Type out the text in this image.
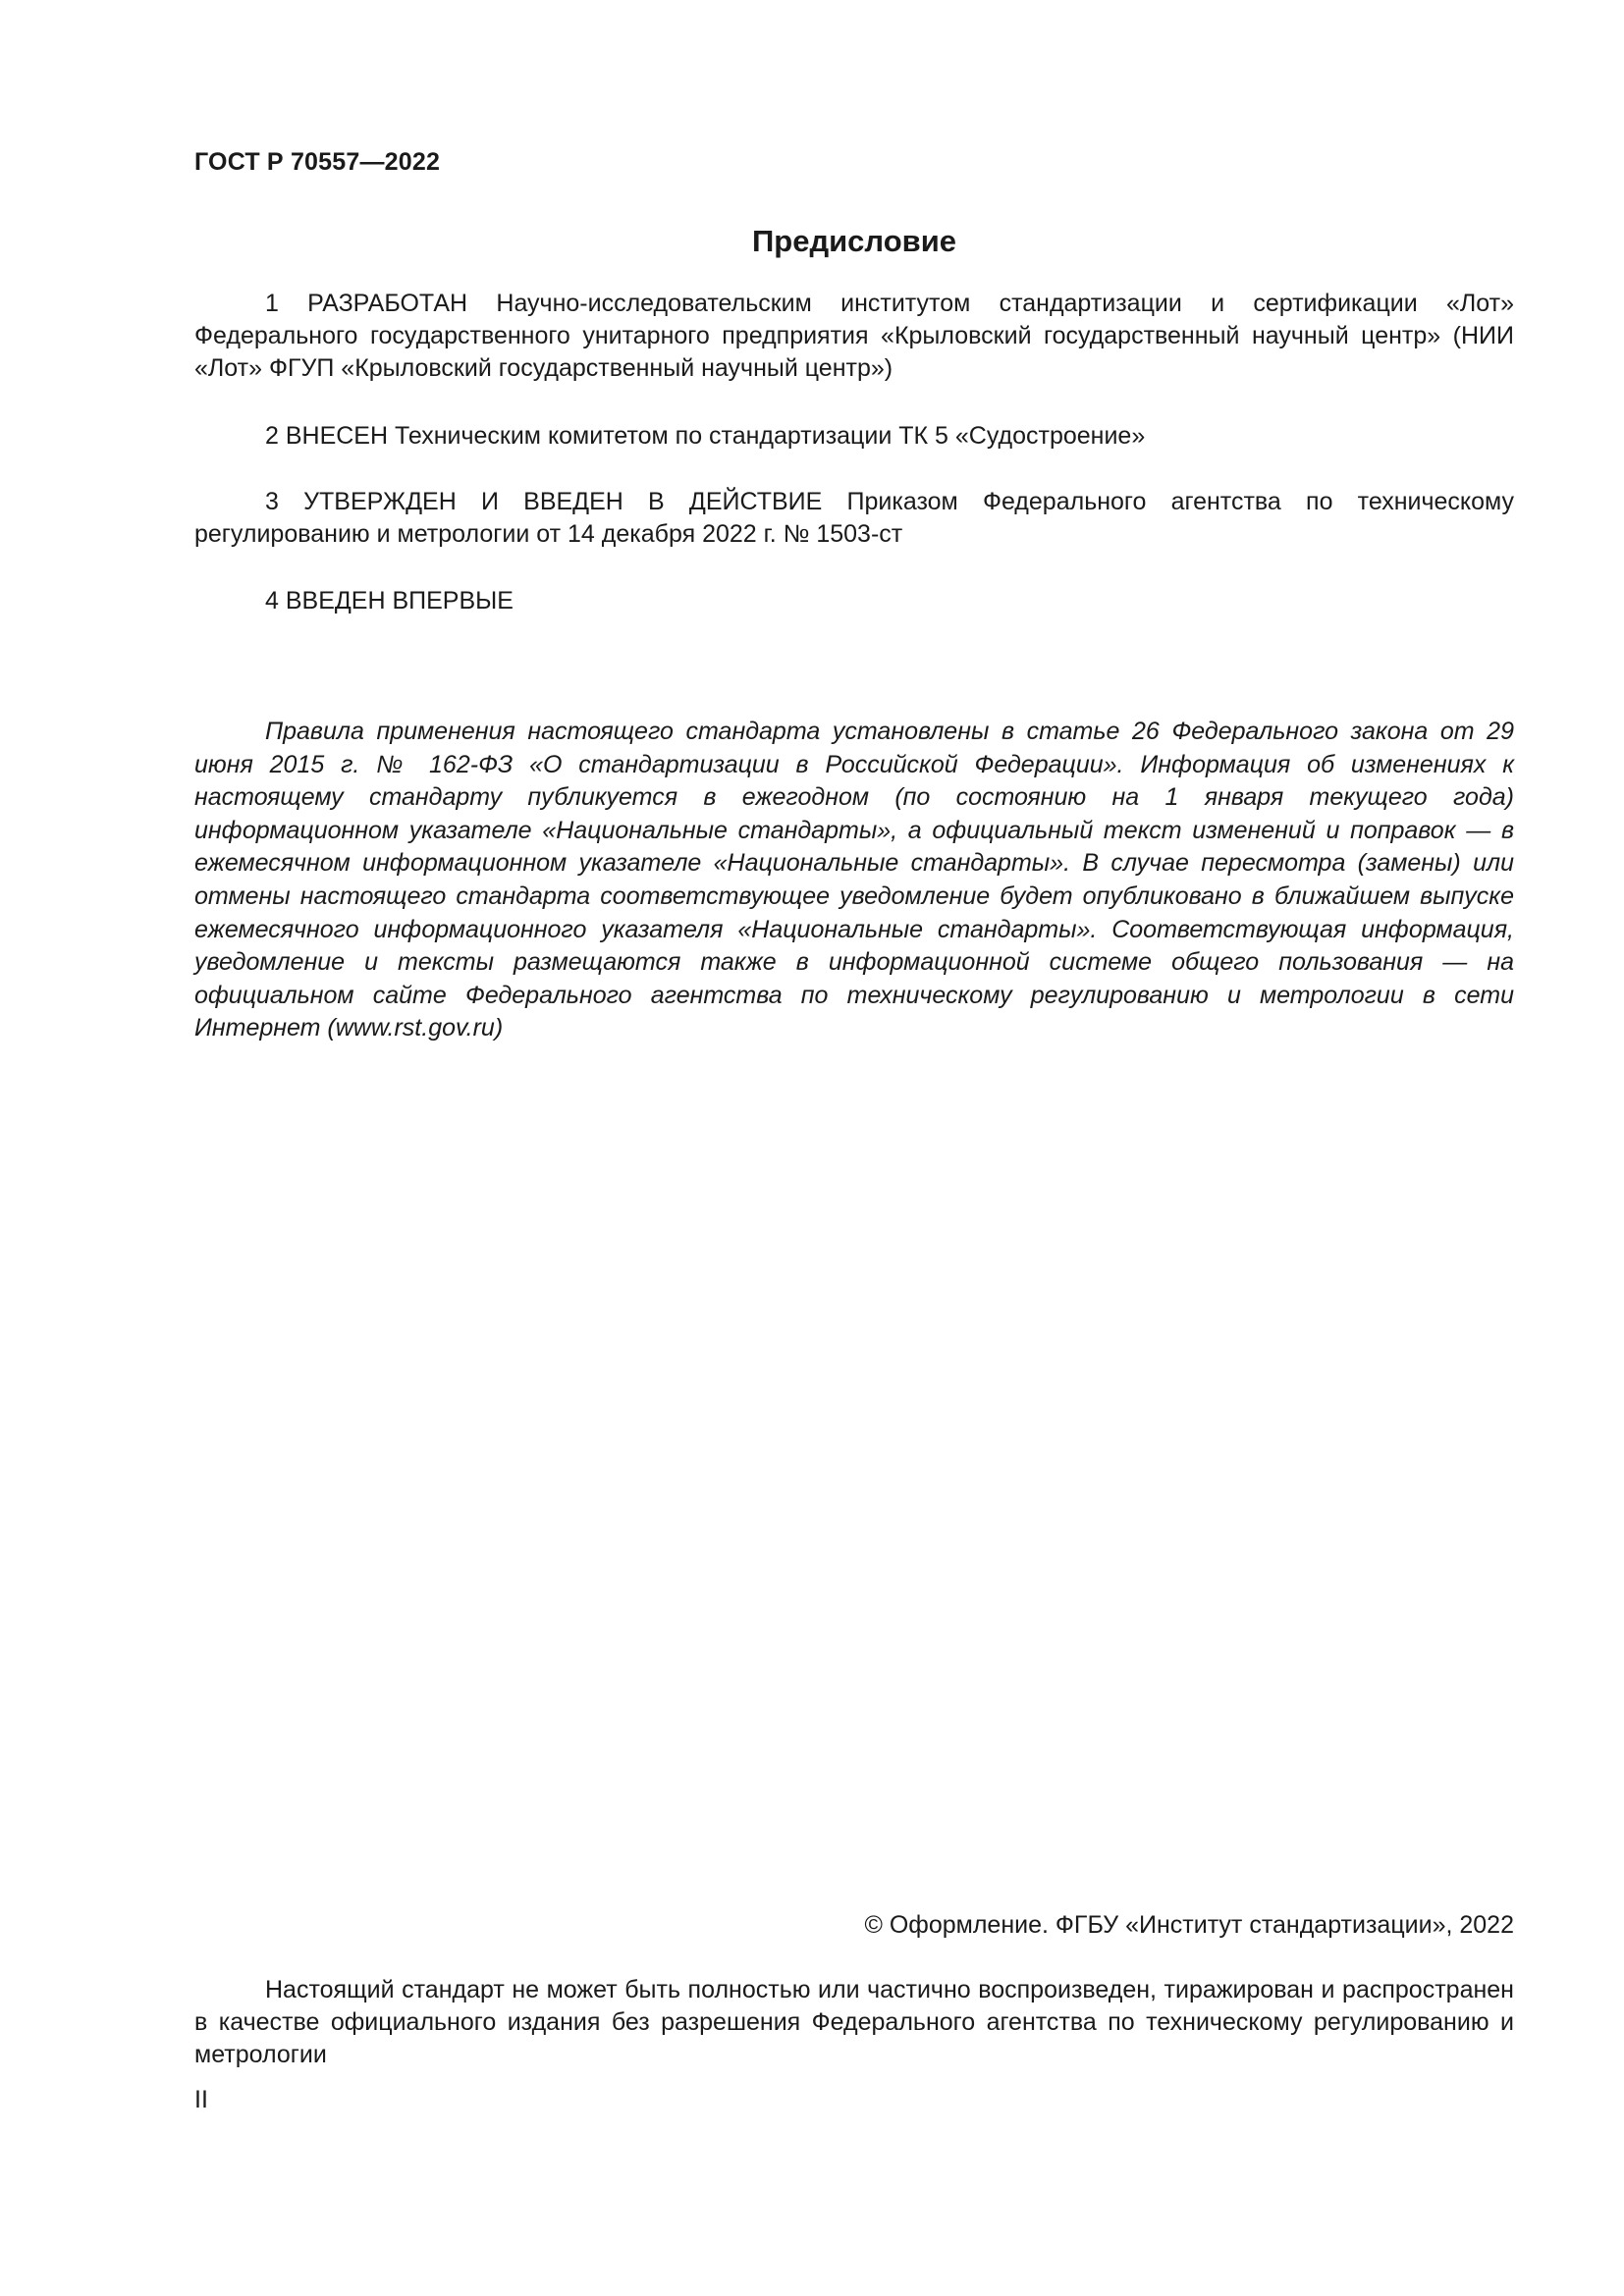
ГОСТ Р 70557—2022
Предисловие

1 РАЗРАБОТАН Научно-исследовательским институтом стандартизации и сертификации «Лот» Федерального государственного унитарного предприятия «Крыловский государственный научный центр» (НИИ «Лот» ФГУП «Крыловский государственный научный центр»)

2 ВНЕСЕН Техническим комитетом по стандартизации ТК 5 «Судостроение»

3 УТВЕРЖДЕН И ВВЕДЕН В ДЕЙСТВИЕ Приказом Федерального агентства по техническому регулированию и метрологии от 14 декабря 2022 г. № 1503-ст

4 ВВЕДЕН ВПЕРВЫЕ

Правила применения настоящего стандарта установлены в статье 26 Федерального закона от 29 июня 2015 г. № 162-ФЗ «О стандартизации в Российской Федерации». Информация об изменениях к настоящему стандарту публикуется в ежегодном (по состоянию на 1 января текущего года) информационном указателе «Национальные стандарты», а официальный текст изменений и поправок — в ежемесячном информационном указателе «Национальные стандарты». В случае пересмотра (замены) или отмены настоящего стандарта соответствующее уведомление будет опубликовано в ближайшем выпуске ежемесячного информационного указателя «Национальные стандарты». Соответствующая информация, уведомление и тексты размещаются также в информационной системе общего пользования — на официальном сайте Федерального агентства по техническому регулированию и метрологии в сети Интернет (www.rst.gov.ru)

© Оформление. ФГБУ «Институт стандартизации», 2022

Настоящий стандарт не может быть полностью или частично воспроизведен, тиражирован и распространен в качестве официального издания без разрешения Федерального агентства по техническому регулированию и метрологии

II
